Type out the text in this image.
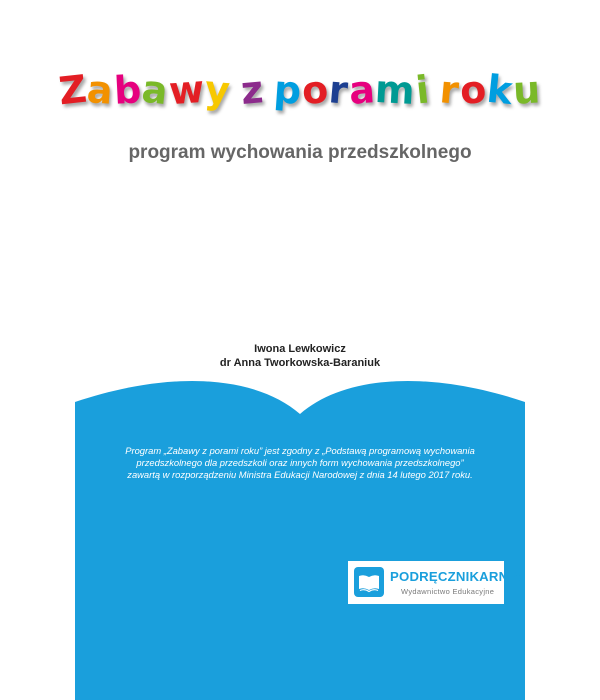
Zabawy z porami roku
program wychowania przedszkolnego
Iwona Lewkowicz
dr Anna Tworkowska-Baraniuk
Program „Zabawy z porami roku” jest zgodny z „Podstawą programową wychowania
przedszkolnego dla przedszkoli oraz innych form wychowania przedszkolnego”
zawartą w rozporządzeniu Ministra Edukacji Narodowej z dnia 14 lutego 2017 roku.
PODRĘCZNIKARNIA
Wydawnictwo Edukacyjne
